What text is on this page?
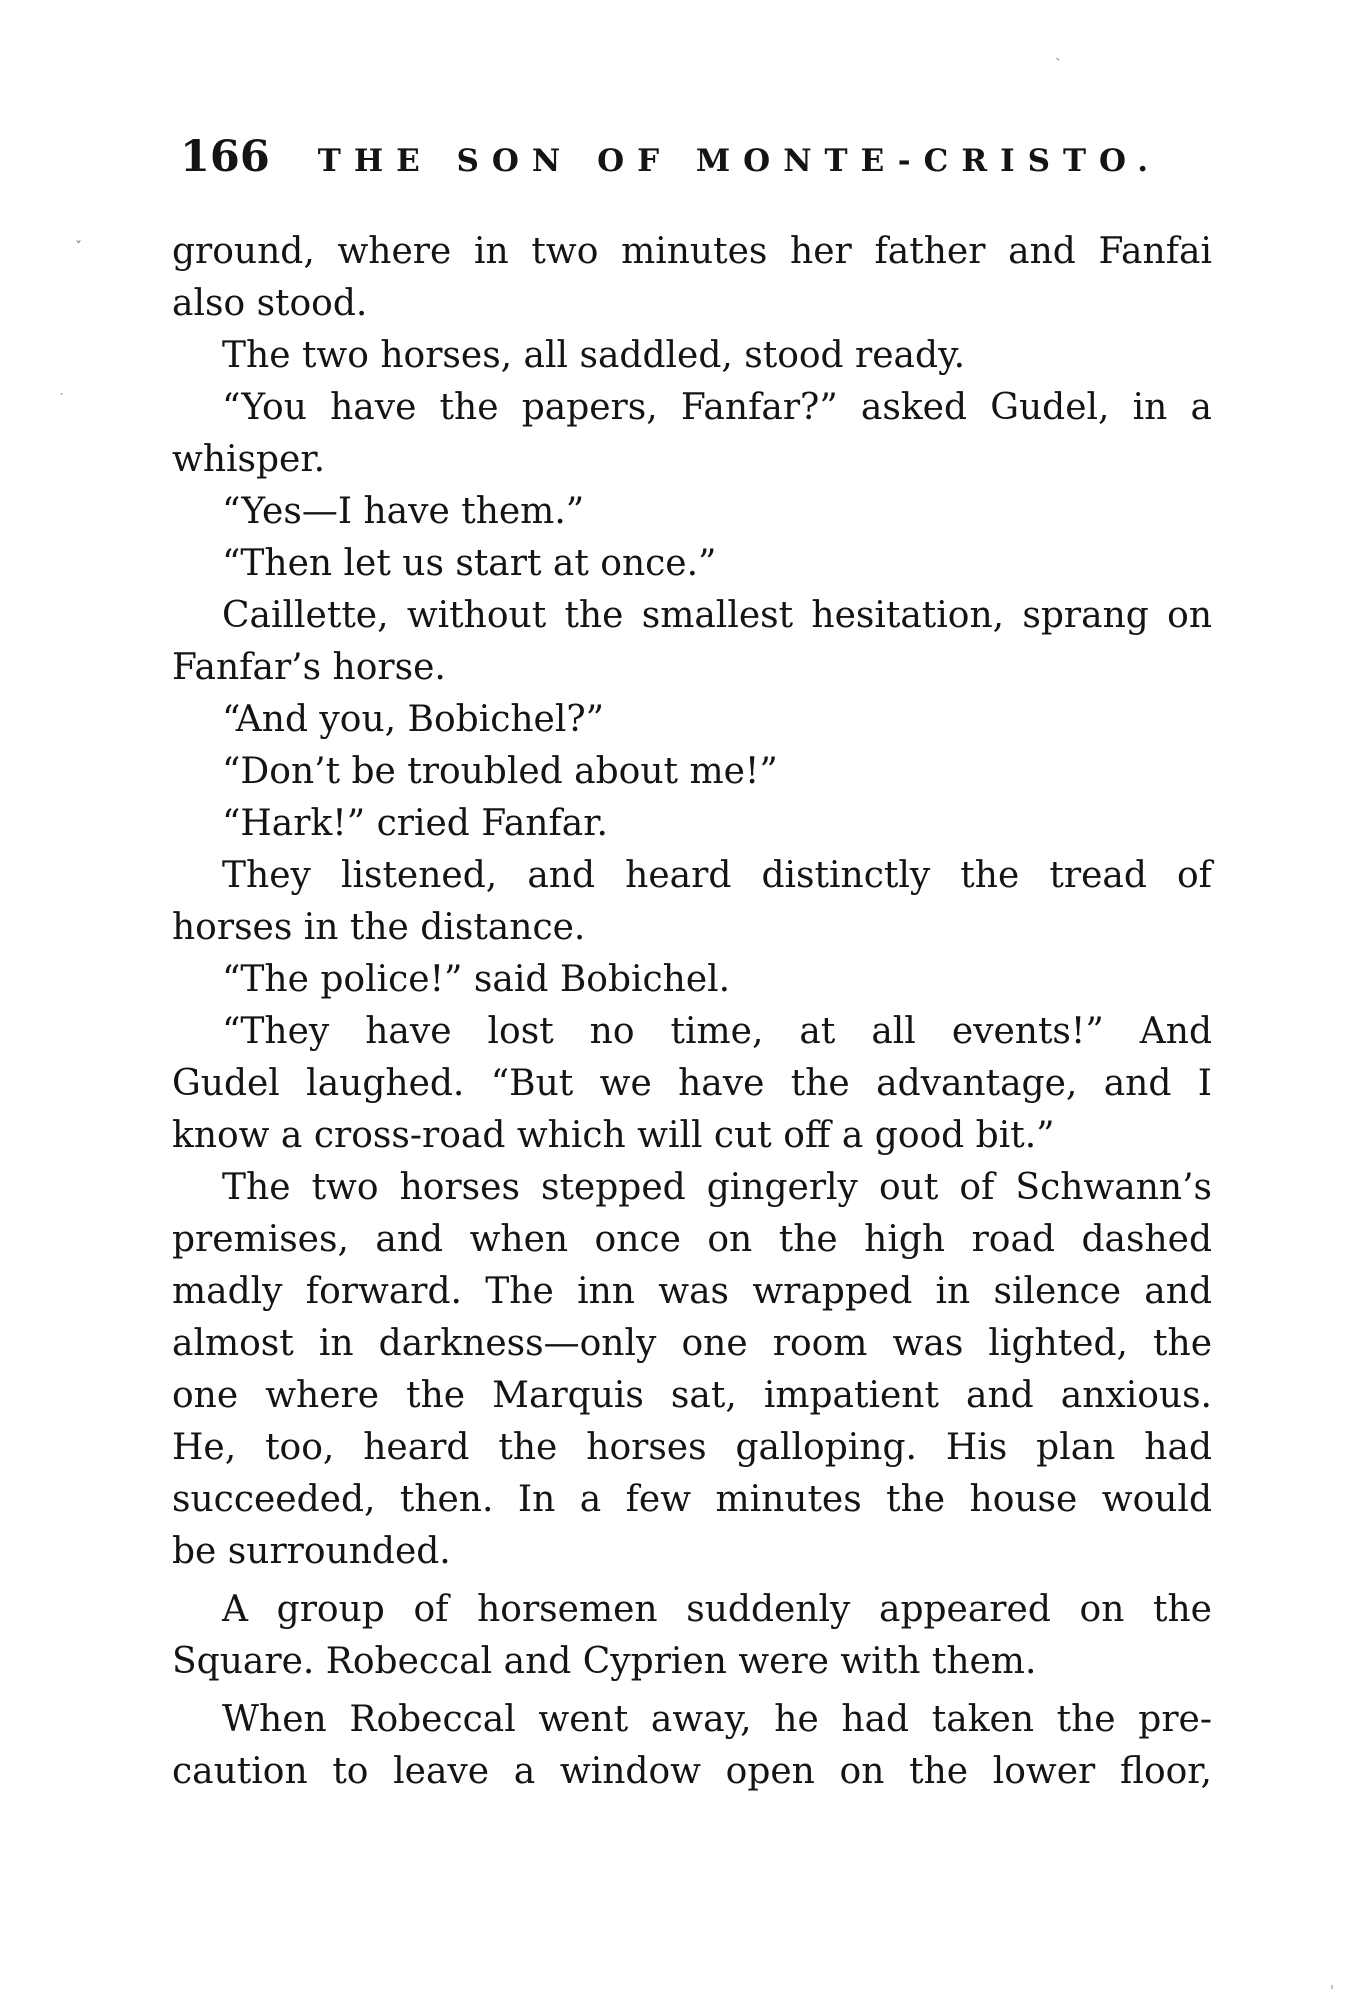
166 THE SON OF MONTE-CRISTO.
ground, where in two minutes her father and Fanfai
also stood.
The two horses, all saddled, stood ready.
“You have the papers, Fanfar?” asked Gudel, in a
whisper.
“Yes—I have them.”
“Then let us start at once.”
Caillette, without the smallest hesitation, sprang on
Fanfar’s horse.
“And you, Bobichel?”
“Don’t be troubled about me!”
“Hark!” cried Fanfar.
They listened, and heard distinctly the tread of
horses in the distance.
“The police!” said Bobichel.
“They have lost no time, at all events!” And
Gudel laughed. “But we have the advantage, and I
know a cross-road which will cut off a good bit.”
The two horses stepped gingerly out of Schwann’s
premises, and when once on the high road dashed
madly forward. The inn was wrapped in silence and
almost in darkness—only one room was lighted, the
one where the Marquis sat, impatient and anxious.
He, too, heard the horses galloping. His plan had
succeeded, then. In a few minutes the house would
be surrounded.
A group of horsemen suddenly appeared on the
Square. Robeccal and Cyprien were with them.
When Robeccal went away, he had taken the pre-
caution to leave a window open on the lower floor,
ˇ
˙
ˎ
ˌ
